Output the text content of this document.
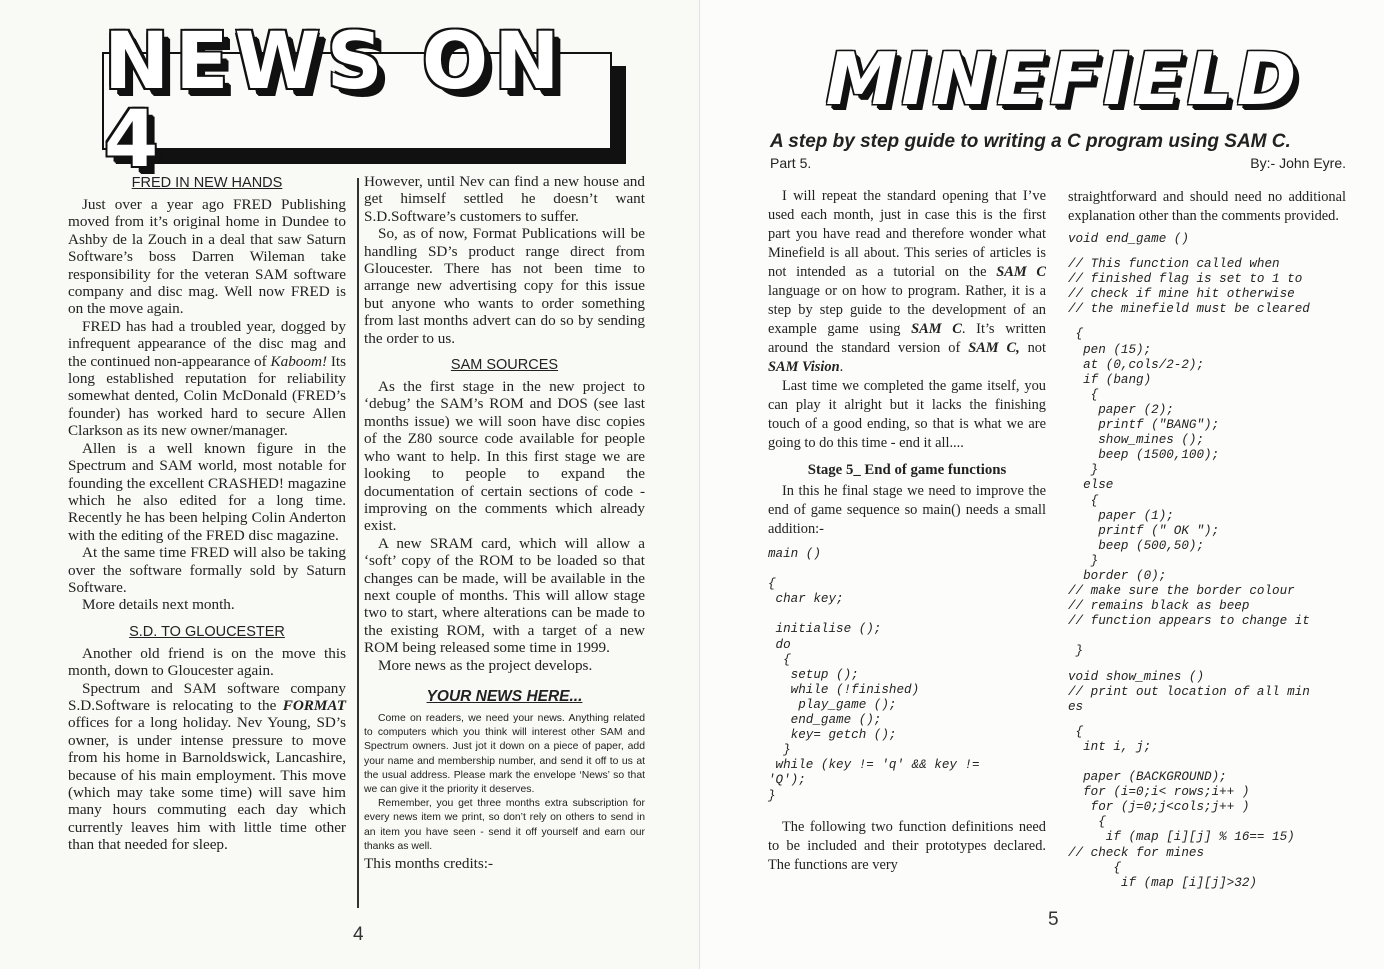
NEWS ON 4
FRED IN NEW HANDS

Just over a year ago FRED Publishing moved from it’s original home in Dundee to Ashby de la Zouch in a deal that saw Saturn Software’s boss Darren Wileman take responsibility for the veteran SAM software company and disc mag. Well now FRED is on the move again.

FRED has had a troubled year, dogged by infrequent appearance of the disc mag and the continued non-appearance of Kaboom! Its long established reputation for reliability somewhat dented, Colin McDonald (FRED’s founder) has worked hard to secure Allen Clarkson as its new owner/manager.

Allen is a well known figure in the Spectrum and SAM world, most notable for founding the excellent CRASHED! magazine which he also edited for a long time. Recently he has been helping Colin Anderton with the editing of the FRED disc magazine.

At the same time FRED will also be taking over the software formally sold by Saturn Software.

More details next month.

S.D. TO GLOUCESTER

Another old friend is on the move this month, down to Gloucester again.

Spectrum and SAM software company S.D.Software is relocating to the FORMAT offices for a long holiday. Nev Young, SD’s owner, is under intense pressure to move from his home in Barnoldswick, Lancashire, because of his main employment. This move (which may take some time) will save him many hours commuting each day which currently leaves him with little time other than that needed for sleep.

However, until Nev can find a new house and get himself settled he doesn’t want S.D.Software’s customers to suffer.

So, as of now, Format Publications will be handling SD’s product range direct from Gloucester. There has not been time to arrange new advertising copy for this issue but anyone who wants to order something from last months advert can do so by sending the order to us.

SAM SOURCES

As the first stage in the new project to ‘debug’ the SAM’s ROM and DOS (see last months issue) we will soon have disc copies of the Z80 source code available for people who want to help. In this first stage we are looking to people to expand the documentation of certain sections of code - improving on the comments which already exist.

A new SRAM card, which will allow a ‘soft’ copy of the ROM to be loaded so that changes can be made, will be available in the next couple of months. This will allow stage two to start, where alterations can be made to the existing ROM, with a target of a new ROM being released some time in 1999.

More news as the project develops.

YOUR NEWS HERE...

Come on readers, we need your news. Anything related to computers which you think will interest other SAM and Spectrum owners. Just jot it down on a piece of paper, add your name and membership number, and send it off to us at the usual address. Please mark the envelope ‘News’ so that we can give it the priority it deserves.

Remember, you get three months extra subscription for every news item we print, so don’t rely on others to send in an item you have seen - send it off yourself and earn our thanks as well.

This months credits:-
4
MINEFIELD
A step by step guide to writing a C program using SAM C.
Part 5.	By:- John Eyre.

I will repeat the standard opening that I’ve used each month, just in case this is the first part you have read and therefore wonder what Minefield is all about. This series of articles is not intended as a tutorial on the SAM C language or on how to program. Rather, it is a step by step guide to the development of an example game using SAM C. It’s written around the standard version of SAM C, not SAM Vision.

Last time we completed the game itself, you can play it alright but it lacks the finishing touch of a good ending, so that is what we are going to do this time - end it all....

Stage 5_ End of game functions

In this he final stage we need to improve the end of game sequence so main() needs a small addition:-

main ()

{
char key;

initialise ();
do
{
setup ();
while (!finished)
play_game ();
end_game ();
key= getch ();
}
while (key != 'q' && key !=
'Q');
}

The following two function definitions need to be included and their prototypes declared. The functions are very

straightforward and should need no additional explanation other than the comments provided.

void end_game ()
// This function called when
// finished flag is set to 1 to
// check if mine hit otherwise
// the minefield must be cleared
{
pen (15);
at (0,cols/2-2);
if (bang)
{
paper (2);
printf ("BANG");
show_mines ();
beep (1500,100);
}
else
{
paper (1);
printf (" OK ");
beep (500,50);
}
border (0);
// make sure the border colour
// remains black as beep
// function appears to change it

}
void show_mines ()
// print out location of all min
es
{
int i, j;

paper (BACKGROUND);
for (i=0;i< rows;i++ )
for (j=0;j<cols;j++ )
{
if (map [i][j] % 16== 15)
// check for mines
{
if (map [i][j]>32)
5
